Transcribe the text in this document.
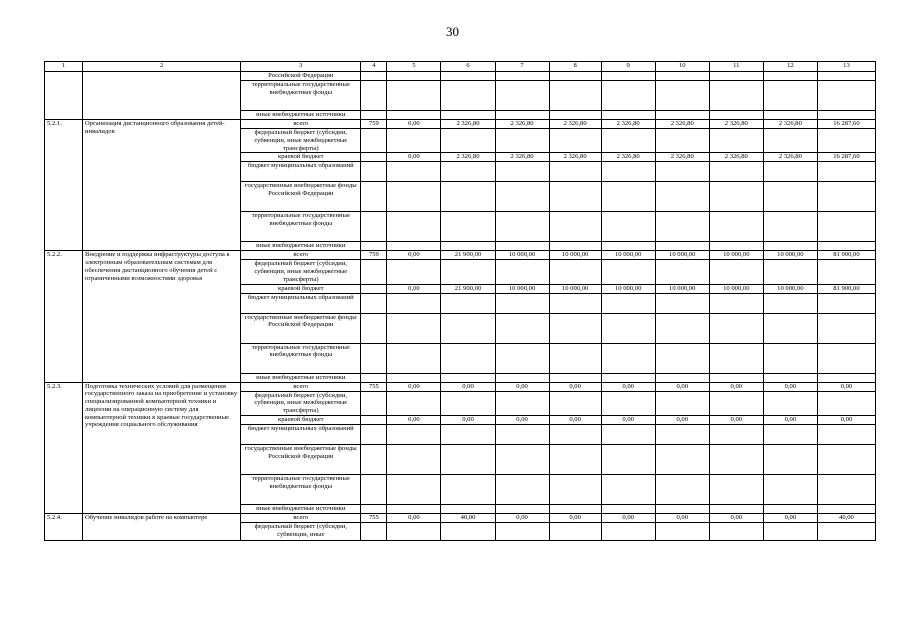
30
1	2	3	4	5	6	7	8	9	10	11	12	13
		Российской Федерации										
		территориальные государственные внебюджетные фонды										
		иные внебюджетные источники										
5.2.1.	Организация дистанционного образования детей-инвалидов	всего	759	0,00	2 326,80	2 326,80	2 326,80	2 326,80	2 326,80	2 326,80	2 326,80	16 287,60
		федеральный бюджет (субсидии, субвенции, иные межбюджетные трансферты)										
		краевой бюджет		0,00	2 326,80	2 326,80	2 326,80	2 326,80	2 326,80	2 326,80	2 326,80	16 287,60
		бюджет муниципальных образований										
		государственные внебюджетные фонды Российской Федерации										
		территориальные государственные внебюджетные фонды										
		иные внебюджетные источники										
5.2.2.	Внедрение и поддержка инфраструктуры доступа к электронным образовательным системам для обеспечения дистанционного обучения детей с ограниченными возможностями здоровья	всего	759	0,00	21 900,00	10 000,00	10 000,00	10 000,00	10 000,00	10 000,00	10 000,00	81 900,00
		федеральный бюджет (субсидии, субвенции, иные межбюджетные трансферты)										
		краевой бюджет		0,00	21 900,00	10 000,00	10 000,00	10 000,00	10 000,00	10 000,00	10 000,00	81 900,00
		бюджет муниципальных образований										
		государственные внебюджетные фонды Российской Федерации										
		территориальные государственные внебюджетные фонды										
		иные внебюджетные источники										
5.2.3.	Подготовка технических условий для размещения государственного заказа на приобретение и установку специализированной компьютерной техники и лицензии на операционную систему для компьютерной техники в краевые государственные учреждения социального обслуживания	всего	755	0,00	0,00	0,00	0,00	0,00	0,00	0,00	0,00	0,00
		федеральный бюджет (субсидии, субвенции, иные межбюджетные трансферты)										
		краевой бюджет		0,00	0,00	0,00	0,00	0,00	0,00	0,00	0,00	0,00
		бюджет муниципальных образований										
		государственные внебюджетные фонды Российской Федерации										
		территориальные государственные внебюджетные фонды										
		иные внебюджетные источники										
5.2.4.	Обучение инвалидов работе на компьютере	всего	755	0,00	40,00	0,00	0,00	0,00	0,00	0,00	0,00	40,00
		федеральный бюджет (субсидии, субвенции, иные										
